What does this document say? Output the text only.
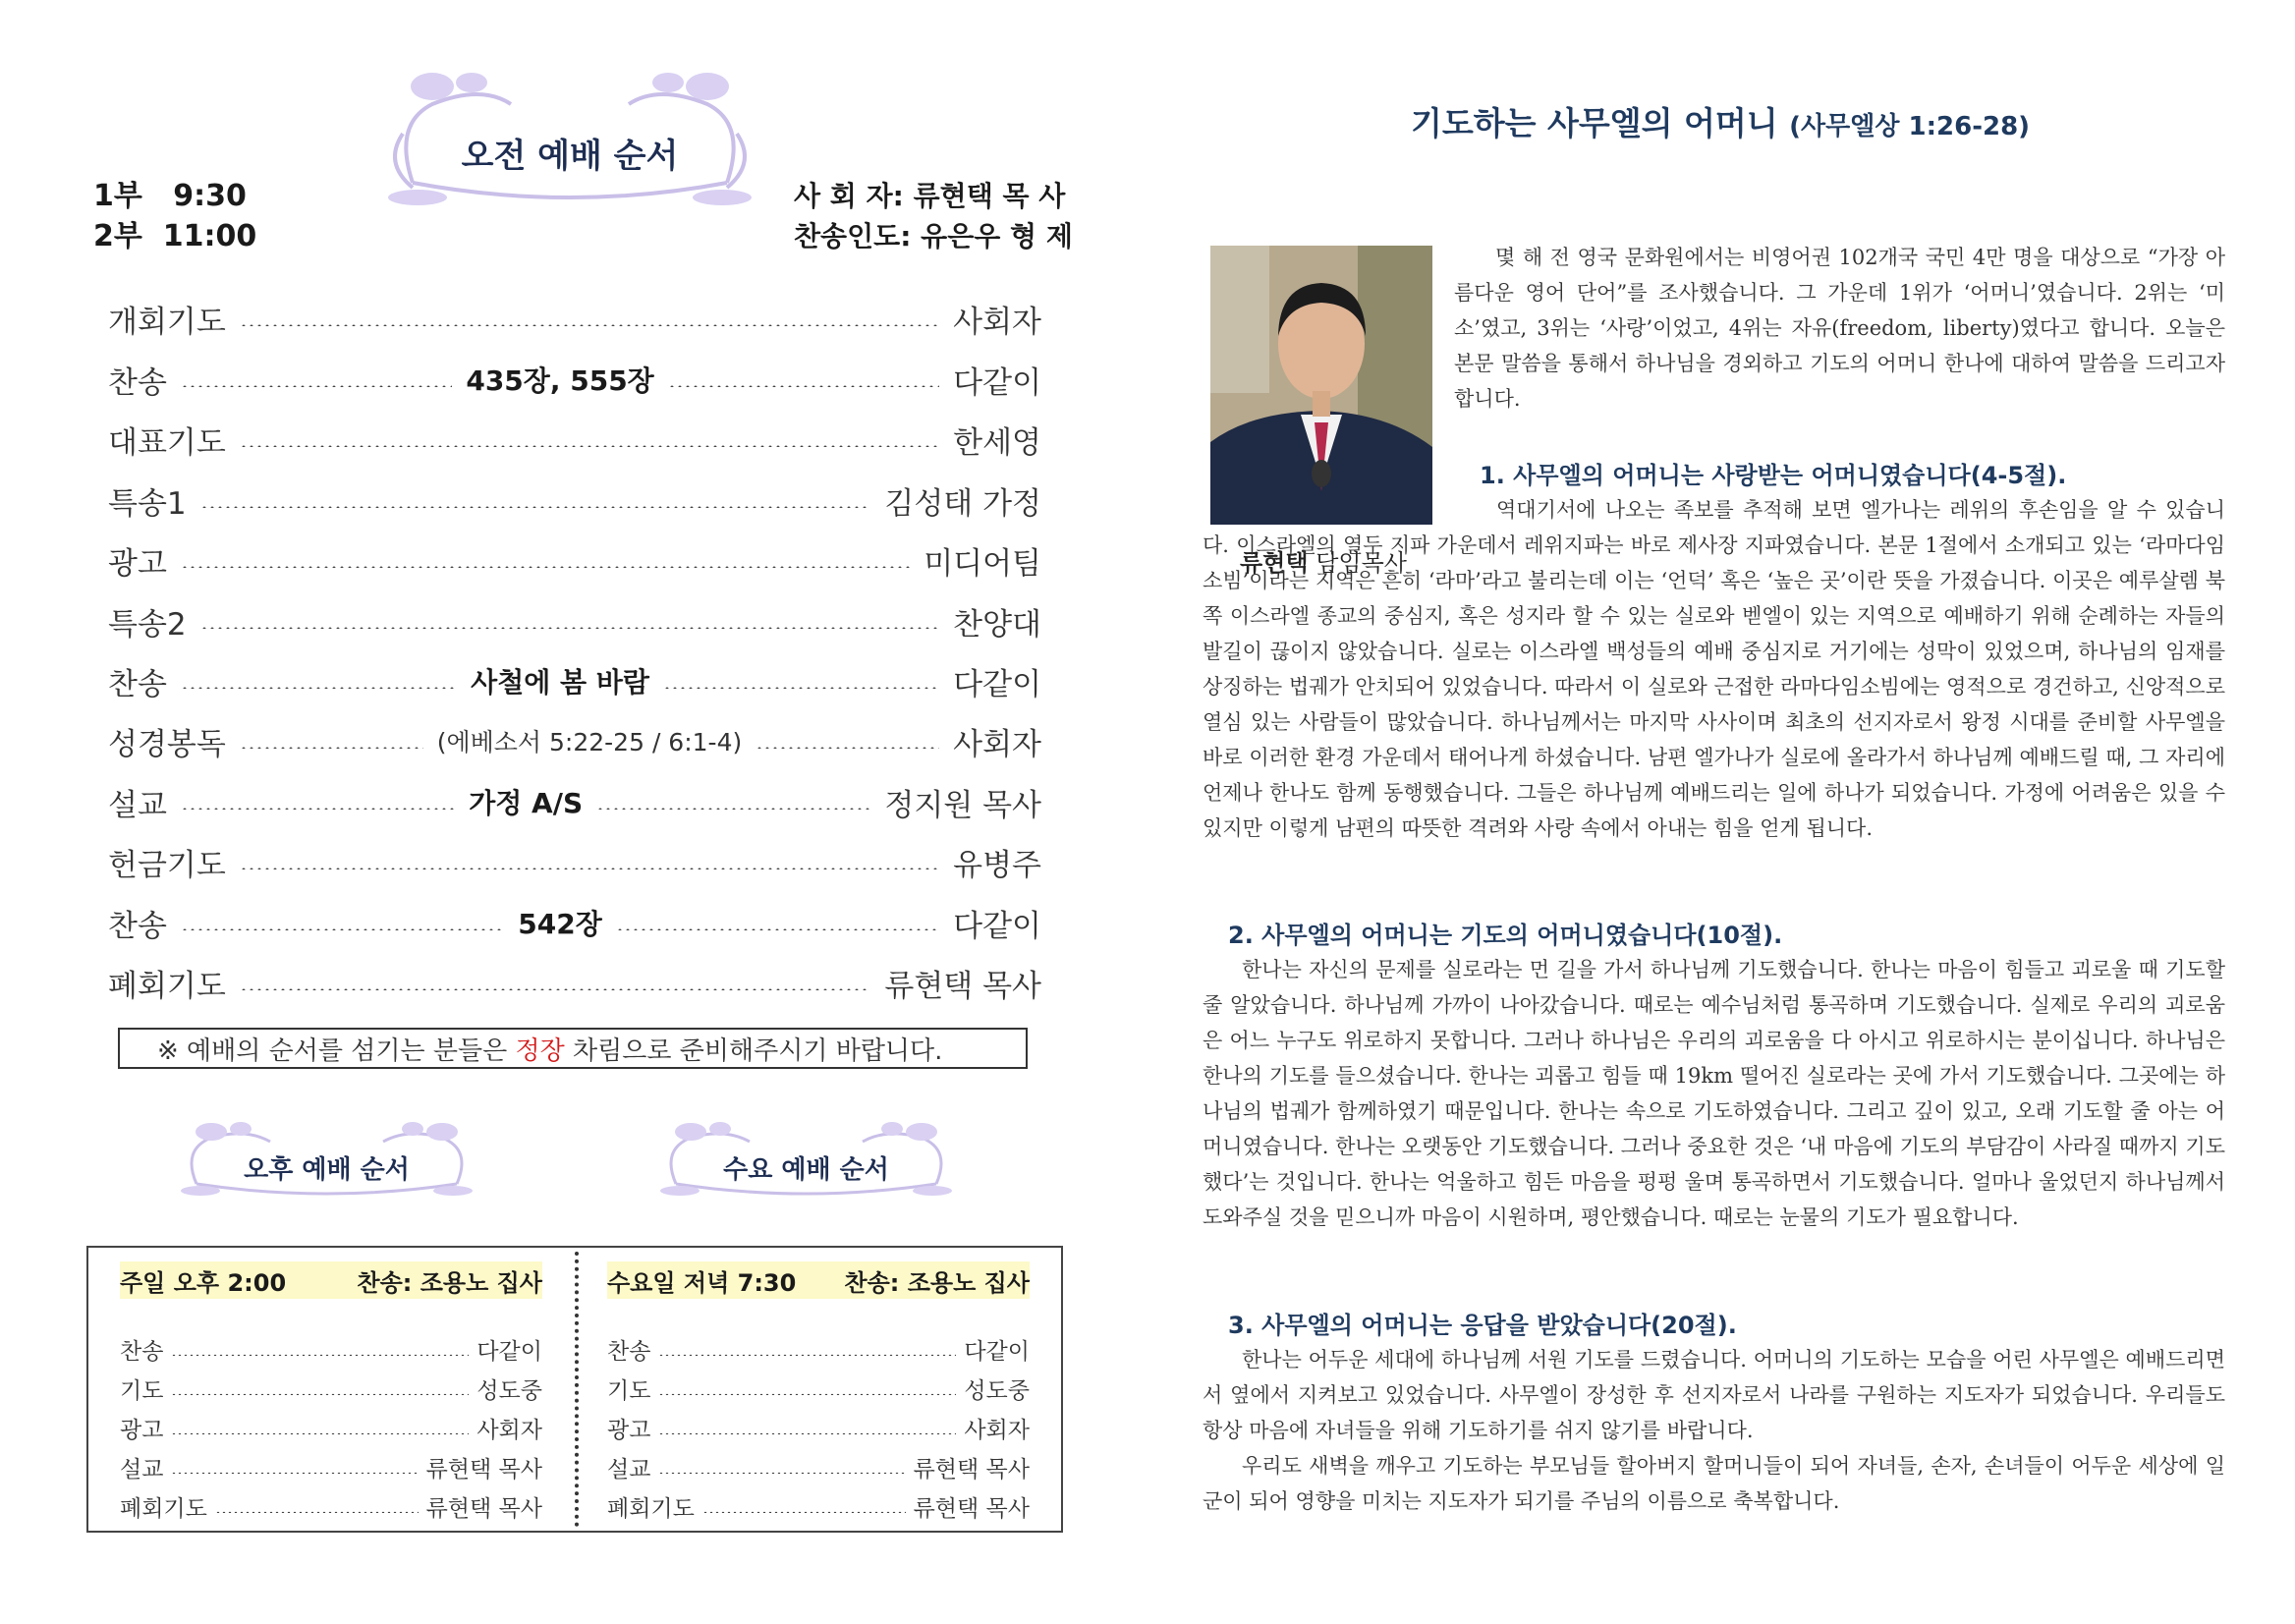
오전 예배 순서
1부 9:30
2부 11:00
사 회 자: 류현택 목 사
찬송인도: 유은우 형 제
개회기도	사회자
찬송	435장, 555장	다같이
대표기도	한세영
특송1	김성태 가정
광고	미디어팀
특송2	찬양대
찬송	사철에 봄 바람	다같이
성경봉독	(에베소서 5:22-25 / 6:1-4)	사회자
설교	가정 A/S	정지원 목사
헌금기도	유병주
찬송	542장	다같이
폐회기도	류현택 목사
※ 예배의 순서를 섬기는 분들은 정장 차림으로 준비해주시기 바랍니다.
오후 예배 순서	수요 예배 순서
주일 오후 2:00	찬송: 조용노 집사
찬송	다같이
기도	성도중
광고	사회자
설교	류현택 목사
폐회기도	류현택 목사
수요일 저녁 7:30 찬송: 조용노 집사
찬송	다같이
기도	성도중
광고	사회자
설교	류현택 목사
폐회기도	류현택 목사
기도하는 사무엘의 어머니 (사무엘상 1:26-28)
류현택 담임목사

몇 해 전 영국 문화원에서는 비영어권 102개국 국민 4만 명을 대상으로 “가장 아름다운 영어 단어”를 조사했습니다. 그 가운데 1위가 ‘어머니’였습니다. 2위는 ‘미소’였고, 3위는 ‘사랑’이었고, 4위는 자유(freedom, liberty)였다고 합니다. 오늘은 본문 말씀을 통해서 하나님을 경외하고 기도의 어머니 한나에 대하여 말씀을 드리고자 합니다.

1. 사무엘의 어머니는 사랑받는 어머니였습니다(4-5절).

역대기서에 나오는 족보를 추적해 보면 엘가나는 레위의 후손임을 알 수 있습니다. 이스라엘의 열두 지파 가운데서 레위지파는 바로 제사장 지파였습니다. 본문 1절에서 소개되고 있는 ‘라마다임소빔’이라는 지역은 흔히 ‘라마’라고 불리는데 이는 ‘언덕’ 혹은 ‘높은 곳’이란 뜻을 가졌습니다. 이곳은 예루살렘 북쪽 이스라엘 종교의 중심지, 혹은 성지라 할 수 있는 실로와 벧엘이 있는 지역으로 예배하기 위해 순례하는 자들의 발길이 끊이지 않았습니다. 실로는 이스라엘 백성들의 예배 중심지로 거기에는 성막이 있었으며, 하나님의 임재를 상징하는 법궤가 안치되어 있었습니다. 따라서 이 실로와 근접한 라마다임소빔에는 영적으로 경건하고, 신앙적으로 열심 있는 사람들이 많았습니다. 하나님께서는 마지막 사사이며 최초의 선지자로서 왕정 시대를 준비할 사무엘을 바로 이러한 환경 가운데서 태어나게 하셨습니다. 남편 엘가나가 실로에 올라가서 하나님께 예배드릴 때, 그 자리에 언제나 한나도 함께 동행했습니다. 그들은 하나님께 예배드리는 일에 하나가 되었습니다. 가정에 어려움은 있을 수 있지만 이렇게 남편의 따뜻한 격려와 사랑 속에서 아내는 힘을 얻게 됩니다.

2. 사무엘의 어머니는 기도의 어머니였습니다(10절).

한나는 자신의 문제를 실로라는 먼 길을 가서 하나님께 기도했습니다. 한나는 마음이 힘들고 괴로울 때 기도할 줄 알았습니다. 하나님께 가까이 나아갔습니다. 때로는 예수님처럼 통곡하며 기도했습니다. 실제로 우리의 괴로움은 어느 누구도 위로하지 못합니다. 그러나 하나님은 우리의 괴로움을 다 아시고 위로하시는 분이십니다. 하나님은 한나의 기도를 들으셨습니다. 한나는 괴롭고 힘들 때 19km 떨어진 실로라는 곳에 가서 기도했습니다. 그곳에는 하나님의 법궤가 함께하였기 때문입니다. 한나는 속으로 기도하였습니다. 그리고 깊이 있고, 오래 기도할 줄 아는 어머니였습니다. 한나는 오랫동안 기도했습니다. 그러나 중요한 것은 ‘내 마음에 기도의 부담감이 사라질 때까지 기도했다’는 것입니다. 한나는 억울하고 힘든 마음을 펑펑 울며 통곡하면서 기도했습니다. 얼마나 울었던지 하나님께서 도와주실 것을 믿으니까 마음이 시원하며, 평안했습니다. 때로는 눈물의 기도가 필요합니다.

3. 사무엘의 어머니는 응답을 받았습니다(20절).

한나는 어두운 세대에 하나님께 서원 기도를 드렸습니다. 어머니의 기도하는 모습을 어린 사무엘은 예배드리면서 옆에서 지켜보고 있었습니다. 사무엘이 장성한 후 선지자로서 나라를 구원하는 지도자가 되었습니다. 우리들도 항상 마음에 자녀들을 위해 기도하기를 쉬지 않기를 바랍니다.

우리도 새벽을 깨우고 기도하는 부모님들 할아버지 할머니들이 되어 자녀들, 손자, 손녀들이 어두운 세상에 일군이 되어 영향을 미치는 지도자가 되기를 주님의 이름으로 축복합니다.
